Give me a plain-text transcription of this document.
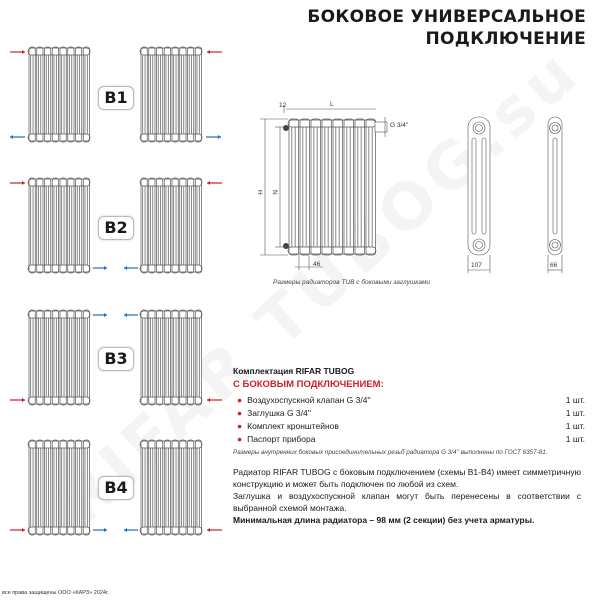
БОКОВОЕ УНИВЕРСАЛЬНОЕ
ПОДКЛЮЧЕНИЕ
B1
B2
B3
B4
12	L
G 3/4''
H N
46	107	66
Размеры радиаторов TUB с боковыми заглушками
Комплектация RIFAR TUBOG
С БОКОВЫМ ПОДКЛЮЧЕНИЕМ:
● Воздухоспускной клапан G 3/4''	1 шт.
● Заглушка G 3/4''	1 шт.
● Комплект кронштейнов	1 шт.
● Паспорт прибора	1 шт.
Размеры внутренних боковых присоединительных резьб радиатора G 3/4'' выполнены по ГОСТ 6357-81.

Радиатор RIFAR TUBOG с боковым подключением (схемы B1-B4) имеет симметричную конструкцию и может быть подключен по любой из схем.

Заглушка и воздухоспускной клапан могут быть перенесены в соответствии с выбранной схемой монтажа.

Минимальная длина радиатора – 98 мм (2 секции) без учета арматуры.

все права защищены ООО «КАРЗ» 2024г.
